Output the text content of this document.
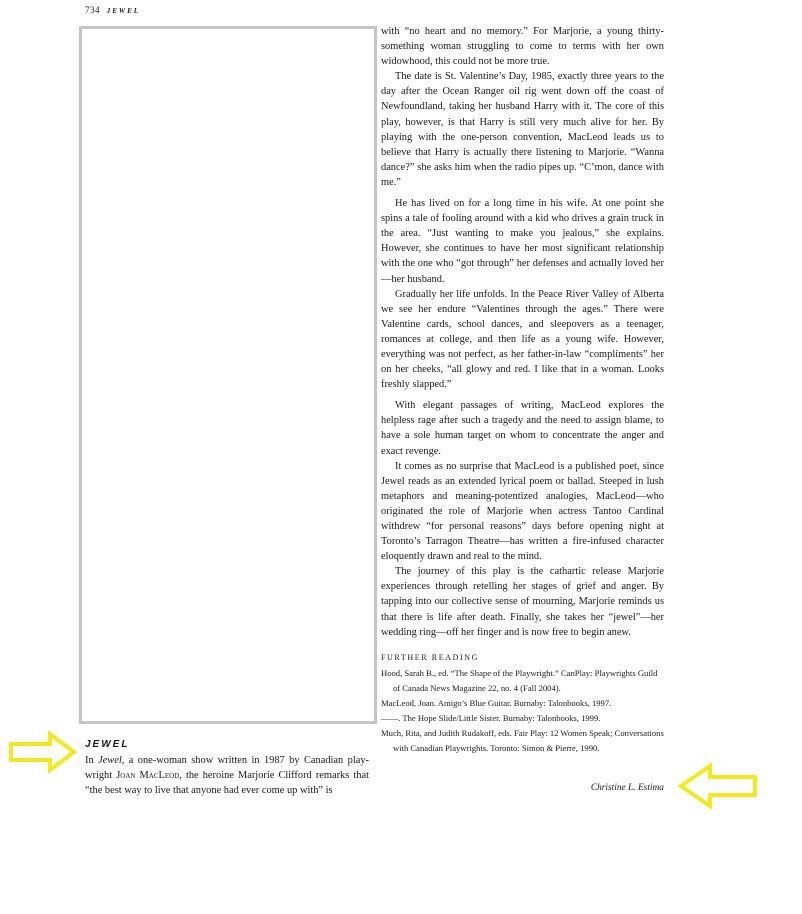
734 JEWEL
JEWEL

In Jewel, a one-woman show written in 1987 by Canadian play-wright Joan MacLeod, the heroine Marjorie Clifford remarks that “the best way to live that anyone had ever come up with” is

with “no heart and no memory.” For Marjorie, a young thirty-something woman struggling to come to terms with her own widowhood, this could not be more true.

The date is St. Valentine’s Day, 1985, exactly three years to the day after the Ocean Ranger oil rig went down off the coast of Newfoundland, taking her husband Harry with it. The core of this play, however, is that Harry is still very much alive for her. By playing with the one-person convention, MacLeod leads us to believe that Harry is actually there listening to Marjorie. “Wanna dance?” she asks him when the radio pipes up. “C’mon, dance with me.”

He has lived on for a long time in his wife. At one point she spins a tale of fooling around with a kid who drives a grain truck in the area. “Just wanting to make you jealous,” she explains. However, she continues to have her most significant relationship with the one who “got through” her defenses and actually loved her—her husband.

Gradually her life unfolds. In the Peace River Valley of Alberta we see her endure “Valentines through the ages.” There were Valentine cards, school dances, and sleepovers as a teenager, romances at college, and then life as a young wife. However, everything was not perfect, as her father-in-law “compliments” her on her cheeks, “all glowy and red. I like that in a woman. Looks freshly slapped.”

With elegant passages of writing, MacLeod explores the helpless rage after such a tragedy and the need to assign blame, to have a sole human target on whom to concentrate the anger and exact revenge.

It comes as no surprise that MacLeod is a published poet, since Jewel reads as an extended lyrical poem or ballad. Steeped in lush metaphors and meaning-potentized analogies, MacLeod—who originated the role of Marjorie when actress Tantoo Cardinal withdrew “for personal reasons” days before opening night at Toronto’s Tarragon Theatre—has written a fire-infused character eloquently drawn and real to the mind.

The journey of this play is the cathartic release Marjorie experiences through retelling her stages of grief and anger. By tapping into our collective sense of mourning, Marjorie reminds us that there is life after death. Finally, she takes her “jewel”—her wedding ring—off her finger and is now free to begin anew.

FURTHER READING

Hood, Sarah B., ed. “The Shape of the Playwright.” CanPlay: Playwrights Guild of Canada News Magazine 22, no. 4 (Fall 2004).

MacLeod, Joan. Amigo’s Blue Guitar. Burnaby: Talonbooks, 1997.

——. The Hope Slide/Little Sister. Burnaby: Talonbooks, 1999.

Much, Rita, and Judith Rudakoff, eds. Fair Play: 12 Women Speak; Conversations with Canadian Playwrights. Toronto: Simon & Pierre, 1990.

Christine L. Estima
